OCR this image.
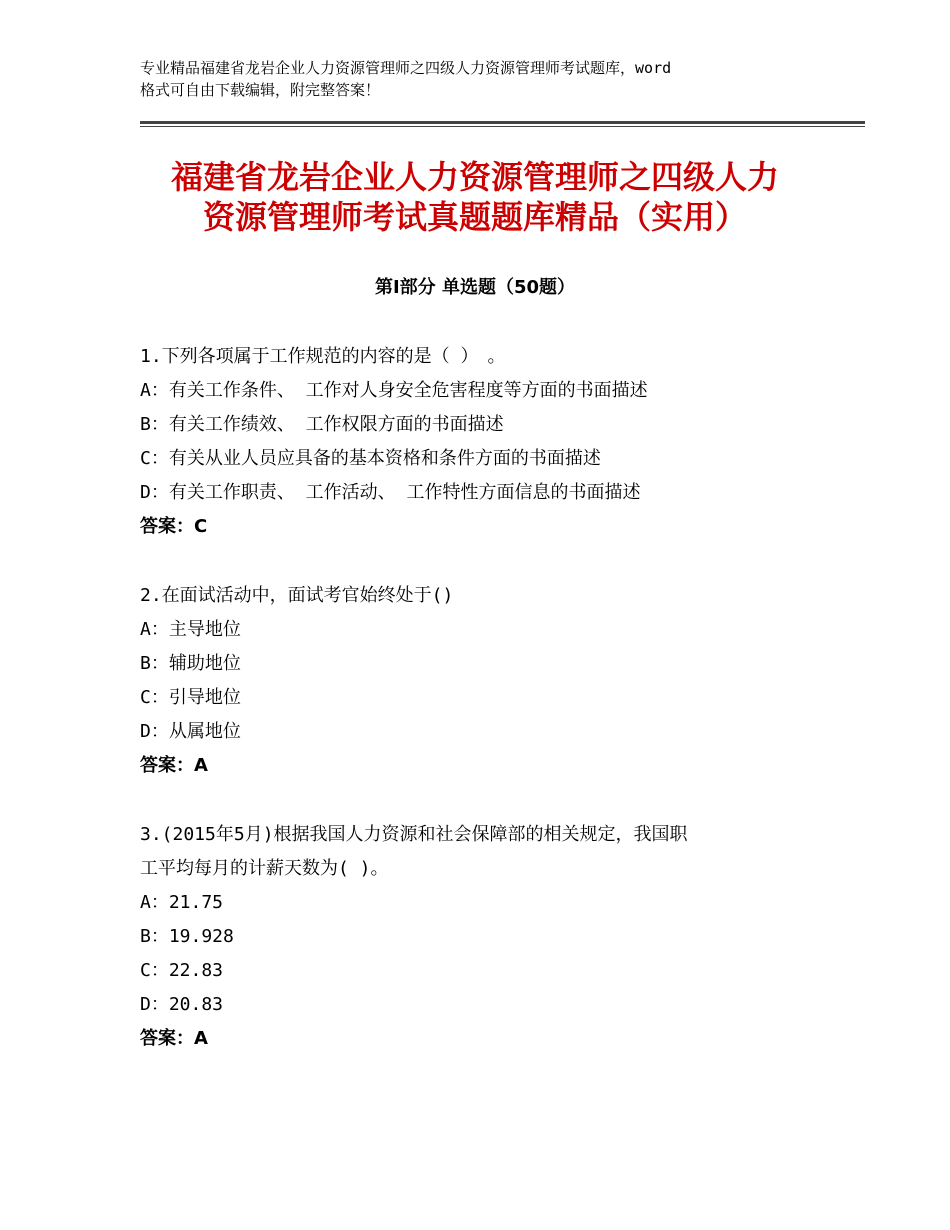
专业精品福建省龙岩企业人力资源管理师之四级人力资源管理师考试题库，word
格式可自由下载编辑，附完整答案！
福建省龙岩企业人力资源管理师之四级人力
资源管理师考试真题题库精品（实用）
第Ⅰ部分 单选题（50题）
1.下列各项属于工作规范的内容的是（ ）　。
A：有关工作条件、 工作对人身安全危害程度等方面的书面描述
B：有关工作绩效、 工作权限方面的书面描述
C：有关从业人员应具备的基本资格和条件方面的书面描述
D：有关工作职责、 工作活动、 工作特性方面信息的书面描述
答案：C
2.在面试活动中，面试考官始终处于()
A：主导地位
B：辅助地位
C：引导地位
D：从属地位
答案：A
3.(2015年5月)根据我国人力资源和社会保障部的相关规定，我国职
工平均每月的计薪天数为( )。
A：21.75
B：19.928
C：22.83
D：20.83
答案：A
